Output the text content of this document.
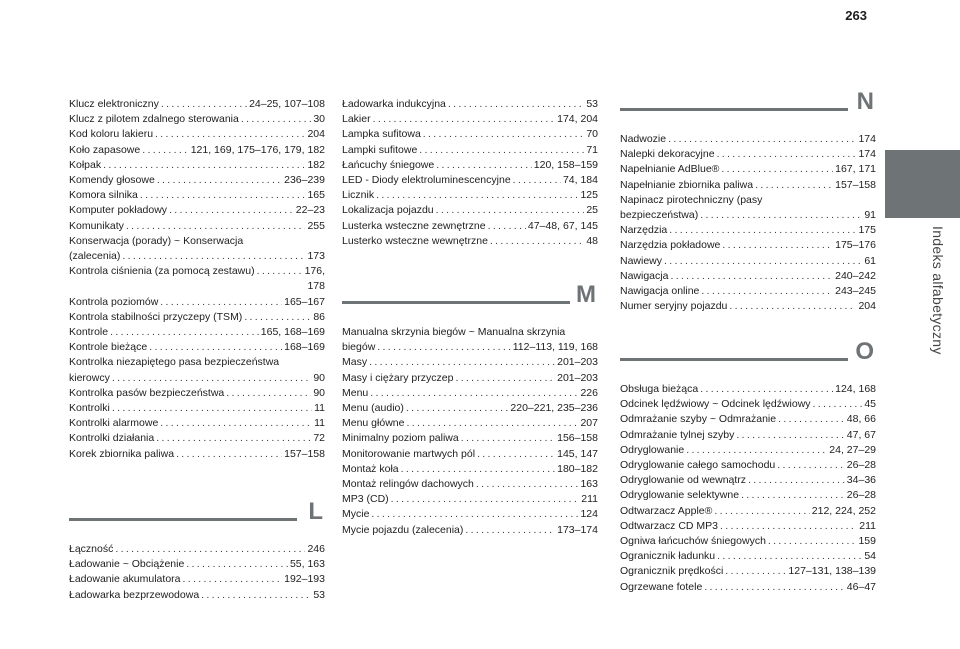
263
Indeks alfabetyczny
Klucz elektroniczny . . .	24–25, 107–108
Klucz z pilotem zdalnego sterowania . . .	30
Kod koloru lakieru . . .	204
Koło zapasowe . . .	121, 169, 175–176, 179, 182
Kołpak . . .	182
Komendy głosowe . . .	236–239
Komora silnika . . .	165
Komputer pokładowy . . .	22–23
Komunikaty . . .	255
Konserwacja (porady) ~ Konserwacja
(zalecenia) . . .	173
Kontrola ciśnienia (za pomocą zestawu) . . .	176,
178
Kontrola poziomów . . .	165–167
Kontrola stabilności przyczepy (TSM) . . .	86
Kontrole . . .	165, 168–169
Kontrole bieżące . . .	168–169
Kontrolka niezapiętego pasa bezpieczeństwa
kierowcy . . .	90
Kontrolka pasów bezpieczeństwa . . .	90
Kontrolki . . .	11
Kontrolki alarmowe . . .	11
Kontrolki działania . . .	72
Korek zbiornika paliwa . . .	157–158
L
Łączność . . .	246
Ładowanie ~ Obciążenie . . .	55, 163
Ładowanie akumulatora . . .	192–193
Ładowarka bezprzewodowa . . .	53
Ładowarka indukcyjna . . .	53
Lakier . . .	174, 204
Lampka sufitowa . . .	70
Lampki sufitowe . . .	71
Łańcuchy śniegowe . . .	120, 158–159
LED - Diody elektroluminescencyjne . . .	74, 184
Licznik . . .	125
Lokalizacja pojazdu . . .	25
Lusterka wsteczne zewnętrzne . . .	47–48, 67, 145
Lusterko wsteczne wewnętrzne . . .	48
M
Manualna skrzynia biegów ~ Manualna skrzynia
biegów . . .	112–113, 119, 168
Masy . . .	201–203
Masy i ciężary przyczep . . .	201–203
Menu . . .	226
Menu (audio) . . .	220–221, 235–236
Menu główne . . .	207
Minimalny poziom paliwa . . .	156–158
Monitorowanie martwych pól . . .	145, 147
Montaż koła . . .	180–182
Montaż relingów dachowych . . .	163
MP3 (CD) . . .	211
Mycie . . .	124
Mycie pojazdu (zalecenia) . . .	173–174
N
Nadwozie . . .	174
Nalepki dekoracyjne . . .	174
Napełnianie AdBlue® . . .	167, 171
Napełnianie zbiornika paliwa . . .	157–158
Napinacz pirotechniczny (pasy
bezpieczeństwa) . . .	91
Narzędzia . . .	175
Narzędzia pokładowe . . .	175–176
Nawiewy . . .	61
Nawigacja . . .	240–242
Nawigacja online . . .	243–245
Numer seryjny pojazdu . . .	204
O
Obsługa bieżąca . . .	124, 168
Odcinek lędźwiowy ~ Odcinek lędźwiowy . . .	45
Odmrażanie szyby ~ Odmrażanie . . .	48, 66
Odmrażanie tylnej szyby . . .	47, 67
Odryglowanie . . .	24, 27–29
Odryglowanie całego samochodu . . .	26–28
Odryglowanie od wewnątrz . . .	34–36
Odryglowanie selektywne . . .	26–28
Odtwarzacz Apple® . . .	212, 224, 252
Odtwarzacz CD MP3 . . .	211
Ogniwa łańcuchów śniegowych . . .	159
Ogranicznik ładunku . . .	54
Ogranicznik prędkości . . .	127–131, 138–139
Ogrzewane fotele . . .	46–47
